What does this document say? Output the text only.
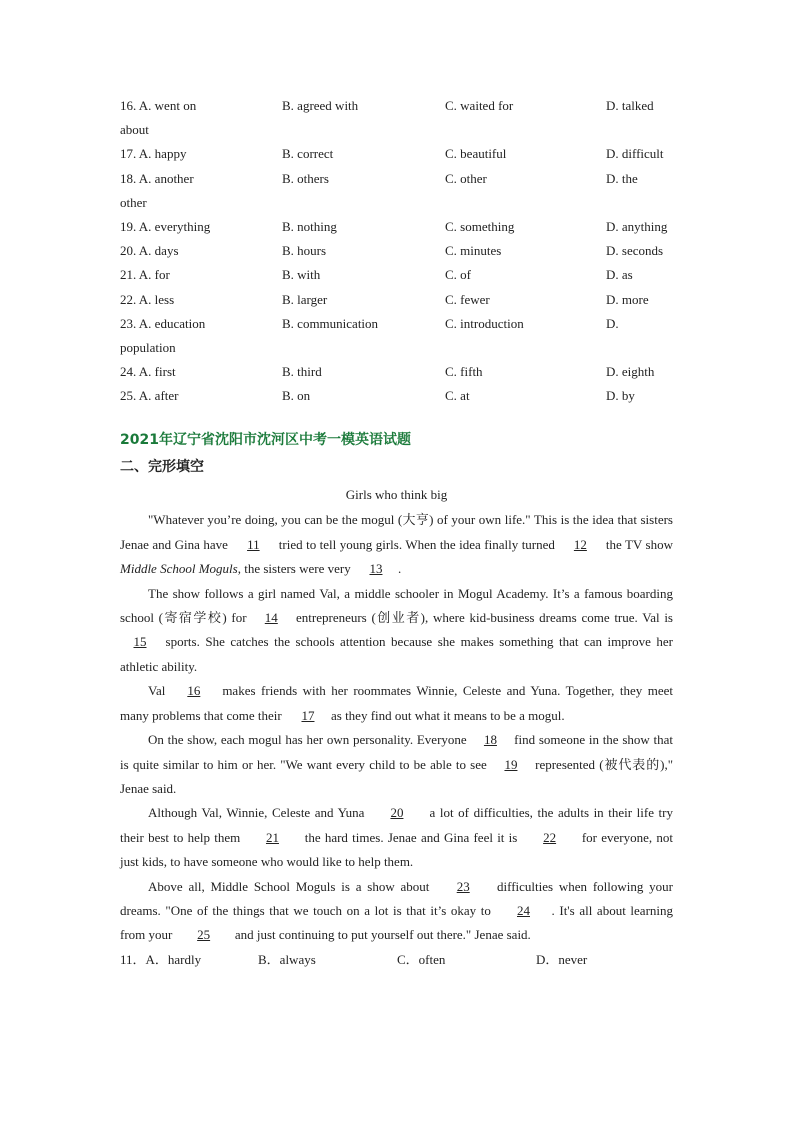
16. A. went on	B. agreed with	C. waited for	D. talked
about
17. A. happy	B. correct	C. beautiful	D. difficult
18. A. another	B. others	C. other	D. the
other
19. A. everything	B. nothing	C. something	D. anything
20. A. days	B. hours	C. minutes	D. seconds
21. A. for	B. with	C. of	D. as
22. A. less	B. larger	C. fewer	D. more
23. A. education	B. communication	C. introduction	D.
population
24. A. first	B. third	C. fifth	D. eighth
25. A. after	B. on	C. at	D. by
2021年辽宁省沈阳市沈河区中考一模英语试题
二、完形填空
Girls who think big

"Whatever you’re doing, you can be the mogul (大亨) of your own life." This is the idea that sisters Jenae and Gina have 11 tried to tell young girls. When the idea finally turned 12 the TV show Middle School Moguls, the sisters were very 13 .

The show follows a girl named Val, a middle schooler in Mogul Academy. It’s a famous boarding school (寄宿学校) for 14 entrepreneurs (创业者), where kid-business dreams come true. Val is 15 sports. She catches the schools attention because she makes something that can improve her athletic ability.

Val 16 makes friends with her roommates Winnie, Celeste and Yuna. Together, they meet many problems that come their 17 as they find out what it means to be a mogul.

On the show, each mogul has her own personality. Everyone 18 find someone in the show that is quite similar to him or her. "We want every child to be able to see 19 represented (被代表的)," Jenae said.

Although Val, Winnie, Celeste and Yuna 20 a lot of difficulties, the adults in their life try their best to help them 21 the hard times. Jenae and Gina feel it is 22 for everyone, not just kids, to have someone who would like to help them.

Above all, Middle School Moguls is a show about 23 difficulties when following your dreams. "One of the things that we touch on a lot is that it’s okay to 24 . It's all about learning from your 25 and just continuing to put yourself out there." Jenae said.

11．A．hardly	B．always	C．often	D．never
